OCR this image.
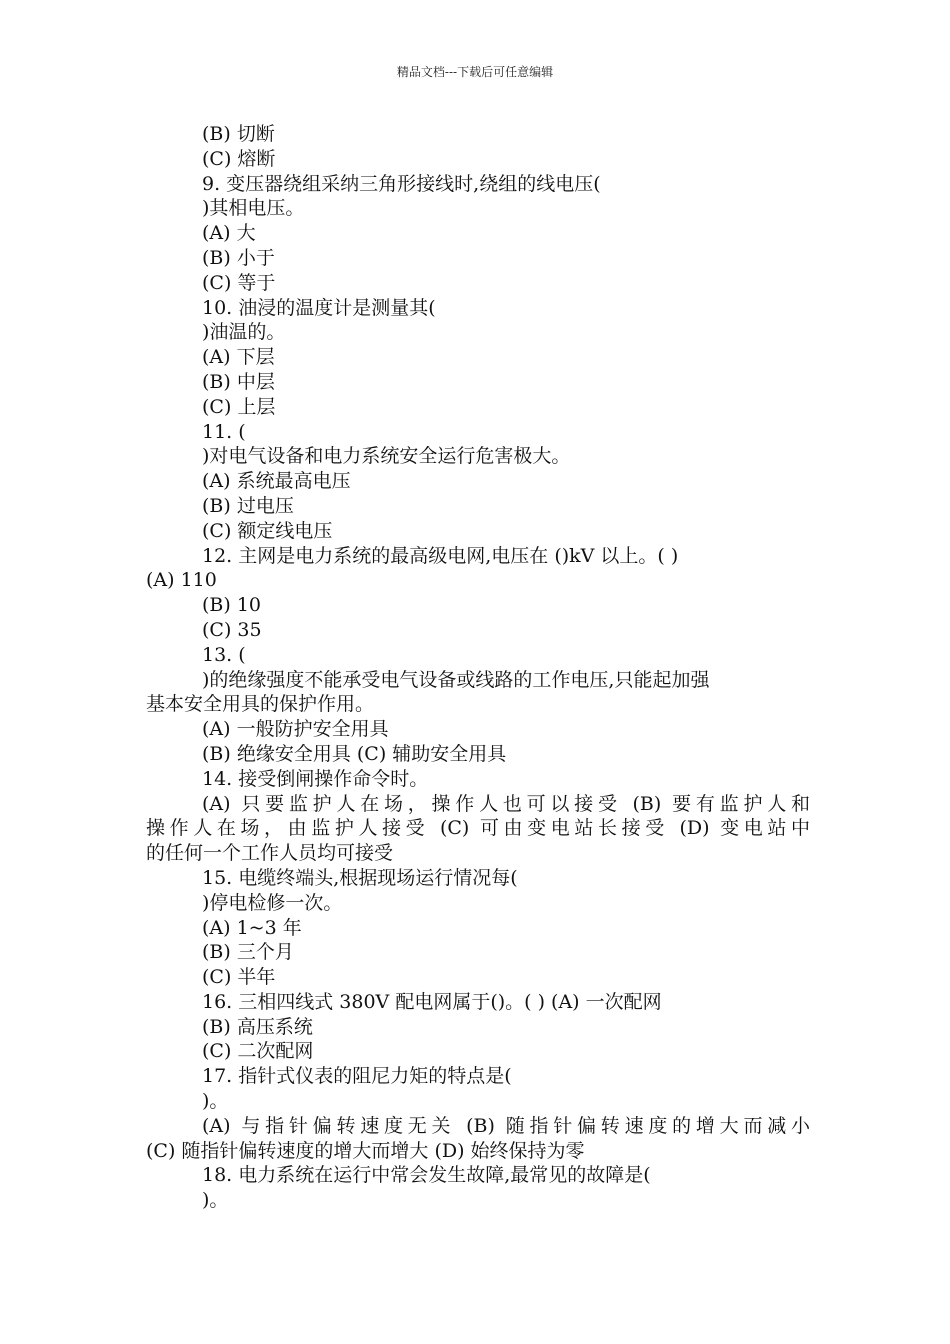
精品文档---下载后可任意编辑
(B) 切断
(C) 熔断
9. 变压器绕组采纳三角形接线时,绕组的线电压(
)其相电压。
(A) 大
(B) 小于
(C) 等于
10. 油浸的温度计是测量其(
)油温的。
(A) 下层
(B) 中层
(C) 上层
11. (
)对电气设备和电力系统安全运行危害极大。
(A) 系统最高电压
(B) 过电压
(C) 额定线电压
12. 主网是电力系统的最高级电网,电压在 ()kV 以上。( )
(A) 110
(B) 10
(C) 35
13. (
)的绝缘强度不能承受电气设备或线路的工作电压,只能起加强
基本安全用具的保护作用。
(A) 一般防护安全用具
(B) 绝缘安全用具 (C) 辅助安全用具
14. 接受倒闸操作命令时。
(A) 只要监护人在场，操作人也可以接受 (B) 要有监护人和
操作人在场，由监护人接受 (C) 可由变电站长接受 (D) 变电站中
的任何一个工作人员均可接受
15. 电缆终端头,根据现场运行情况每(
)停电检修一次。
(A) 1~3 年
(B) 三个月
(C) 半年
16. 三相四线式 380V 配电网属于()。( ) (A) 一次配网
(B) 高压系统
(C) 二次配网
17. 指针式仪表的阻尼力矩的特点是(
)。
(A) 与指针偏转速度无关 (B) 随指针偏转速度的增大而减小
(C) 随指针偏转速度的增大而增大 (D) 始终保持为零
18. 电力系统在运行中常会发生故障,最常见的故障是(
)。
